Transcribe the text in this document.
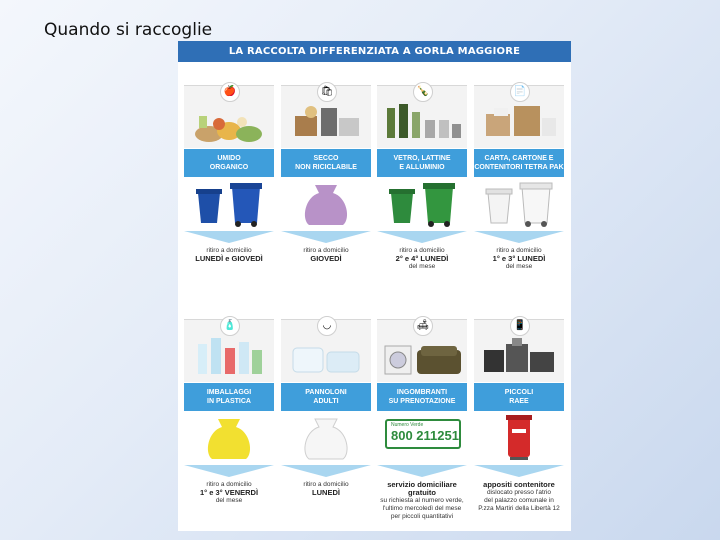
Quando si raccoglie
LA RACCOLTA DIFFERENZIATA A GORLA MAGGIORE
🍎
UMIDO
ORGANICO
ritiro a domicilio
LUNEDÌ e GIOVEDÌ
🛍
SECCO
NON RICICLABILE
ritiro a domicilio
GIOVEDÌ
🍾
VETRO, LATTINE
E ALLUMINIO
ritiro a domicilio
2° e 4° LUNEDÌ
del mese
📄
CARTA, CARTONE E
CONTENITORI TETRA PAK
ritiro a domicilio
1° e 3° LUNEDÌ
del mese
🧴
IMBALLAGGI
IN PLASTICA
ritiro a domicilio
1° e 3° VENERDÌ
del mese
◡
PANNOLONI
ADULTI
ritiro a domicilio
LUNEDÌ
🛋
INGOMBRANTI
SU PRENOTAZIONE
Numero Verde
800 211251
servizio domiciliare gratuito
su richiesta al numero verde,
l'ultimo mercoledì del mese
per piccoli quantitativi
📱
PICCOLI
RAEE
appositi contenitore
dislocato presso l'atrio
del palazzo comunale in
P.zza Martiri della Libertà 12
